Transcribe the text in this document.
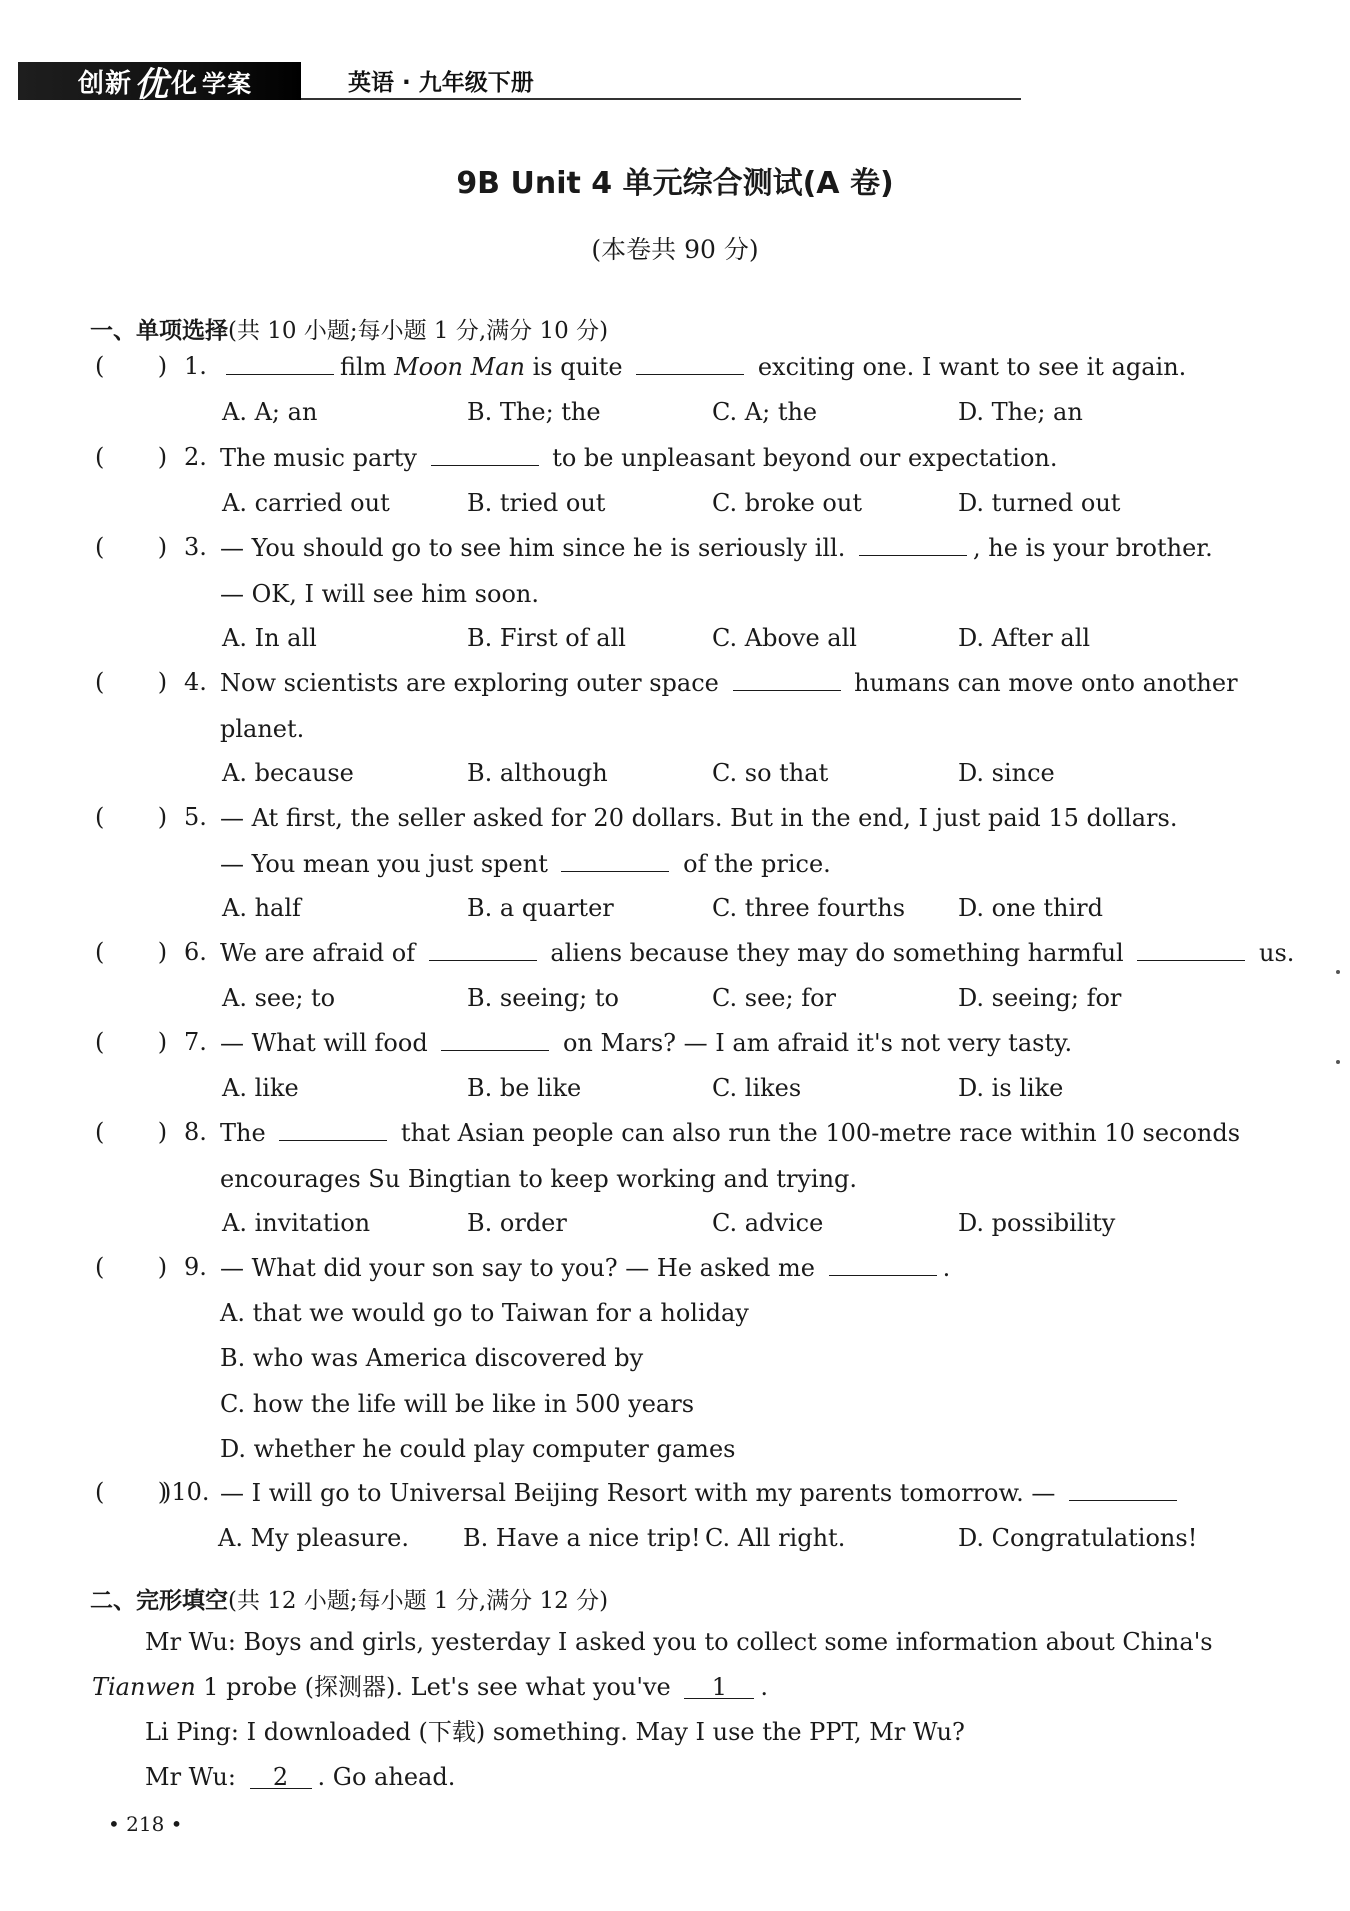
创新 优 化 学案	英语 · 九年级下册
9B Unit 4 单元综合测试(A 卷)
(本卷共 90 分)
一、单项选择(共 10 小题;每小题 1 分,满分 10 分)
(       ) 1.	film Moon Man is quite	exciting one. I want to see it again.
A. A; an	B. The; the	C. A; the	D. The; an
(       ) 2. The music party	to be unpleasant beyond our expectation.
A. carried out	B. tried out	C. broke out	D. turned out
(       ) 3. — You should go to see him since he is seriously ill.	, he is your brother.
— OK, I will see him soon.
A. In all	B. First of all	C. Above all	D. After all
(       ) 4. Now scientists are exploring outer space	humans can move onto another
planet.
A. because	B. although	C. so that	D. since
(       ) 5. — At first, the seller asked for 20 dollars. But in the end, I just paid 15 dollars.
— You mean you just spent	of the price.
A. half	B. a quarter	C. three fourths D. one third
(       ) 6. We are afraid of	aliens because they may do something harmful	us.
A. see; to	B. seeing; to	C. see; for	D. seeing; for
(       ) 7. — What will food	on Mars? — I am afraid it's not very tasty.
A. like	B. be like	C. likes	D. is like
(       ) 8. The	that Asian people can also run the 100-metre race within 10 seconds
encourages Su Bingtian to keep working and trying.
A. invitation	B. order	C. advice	D. possibility
(       ) 9. — What did your son say to you? — He asked me	.
A. that we would go to Taiwan for a holiday
B. who was America discovered by
C. how the life will be like in 500 years
D. whether he could play computer games
(       )
)10. — I will go to Universal Beijing Resort with my parents tomorrow. —
A. My pleasure. B. Have a nice trip! C. All right.	D. Congratulations!
二、完形填空(共 12 小题;每小题 1 分,满分 12 分)
Mr Wu: Boys and girls, yesterday I asked you to collect some information about China's
Tianwen 1 probe (探测器). Let's see what you've 1 .
Li Ping: I downloaded (下载) something. May I use the PPT, Mr Wu?
Mr Wu: 2 . Go ahead.
• 218 •
